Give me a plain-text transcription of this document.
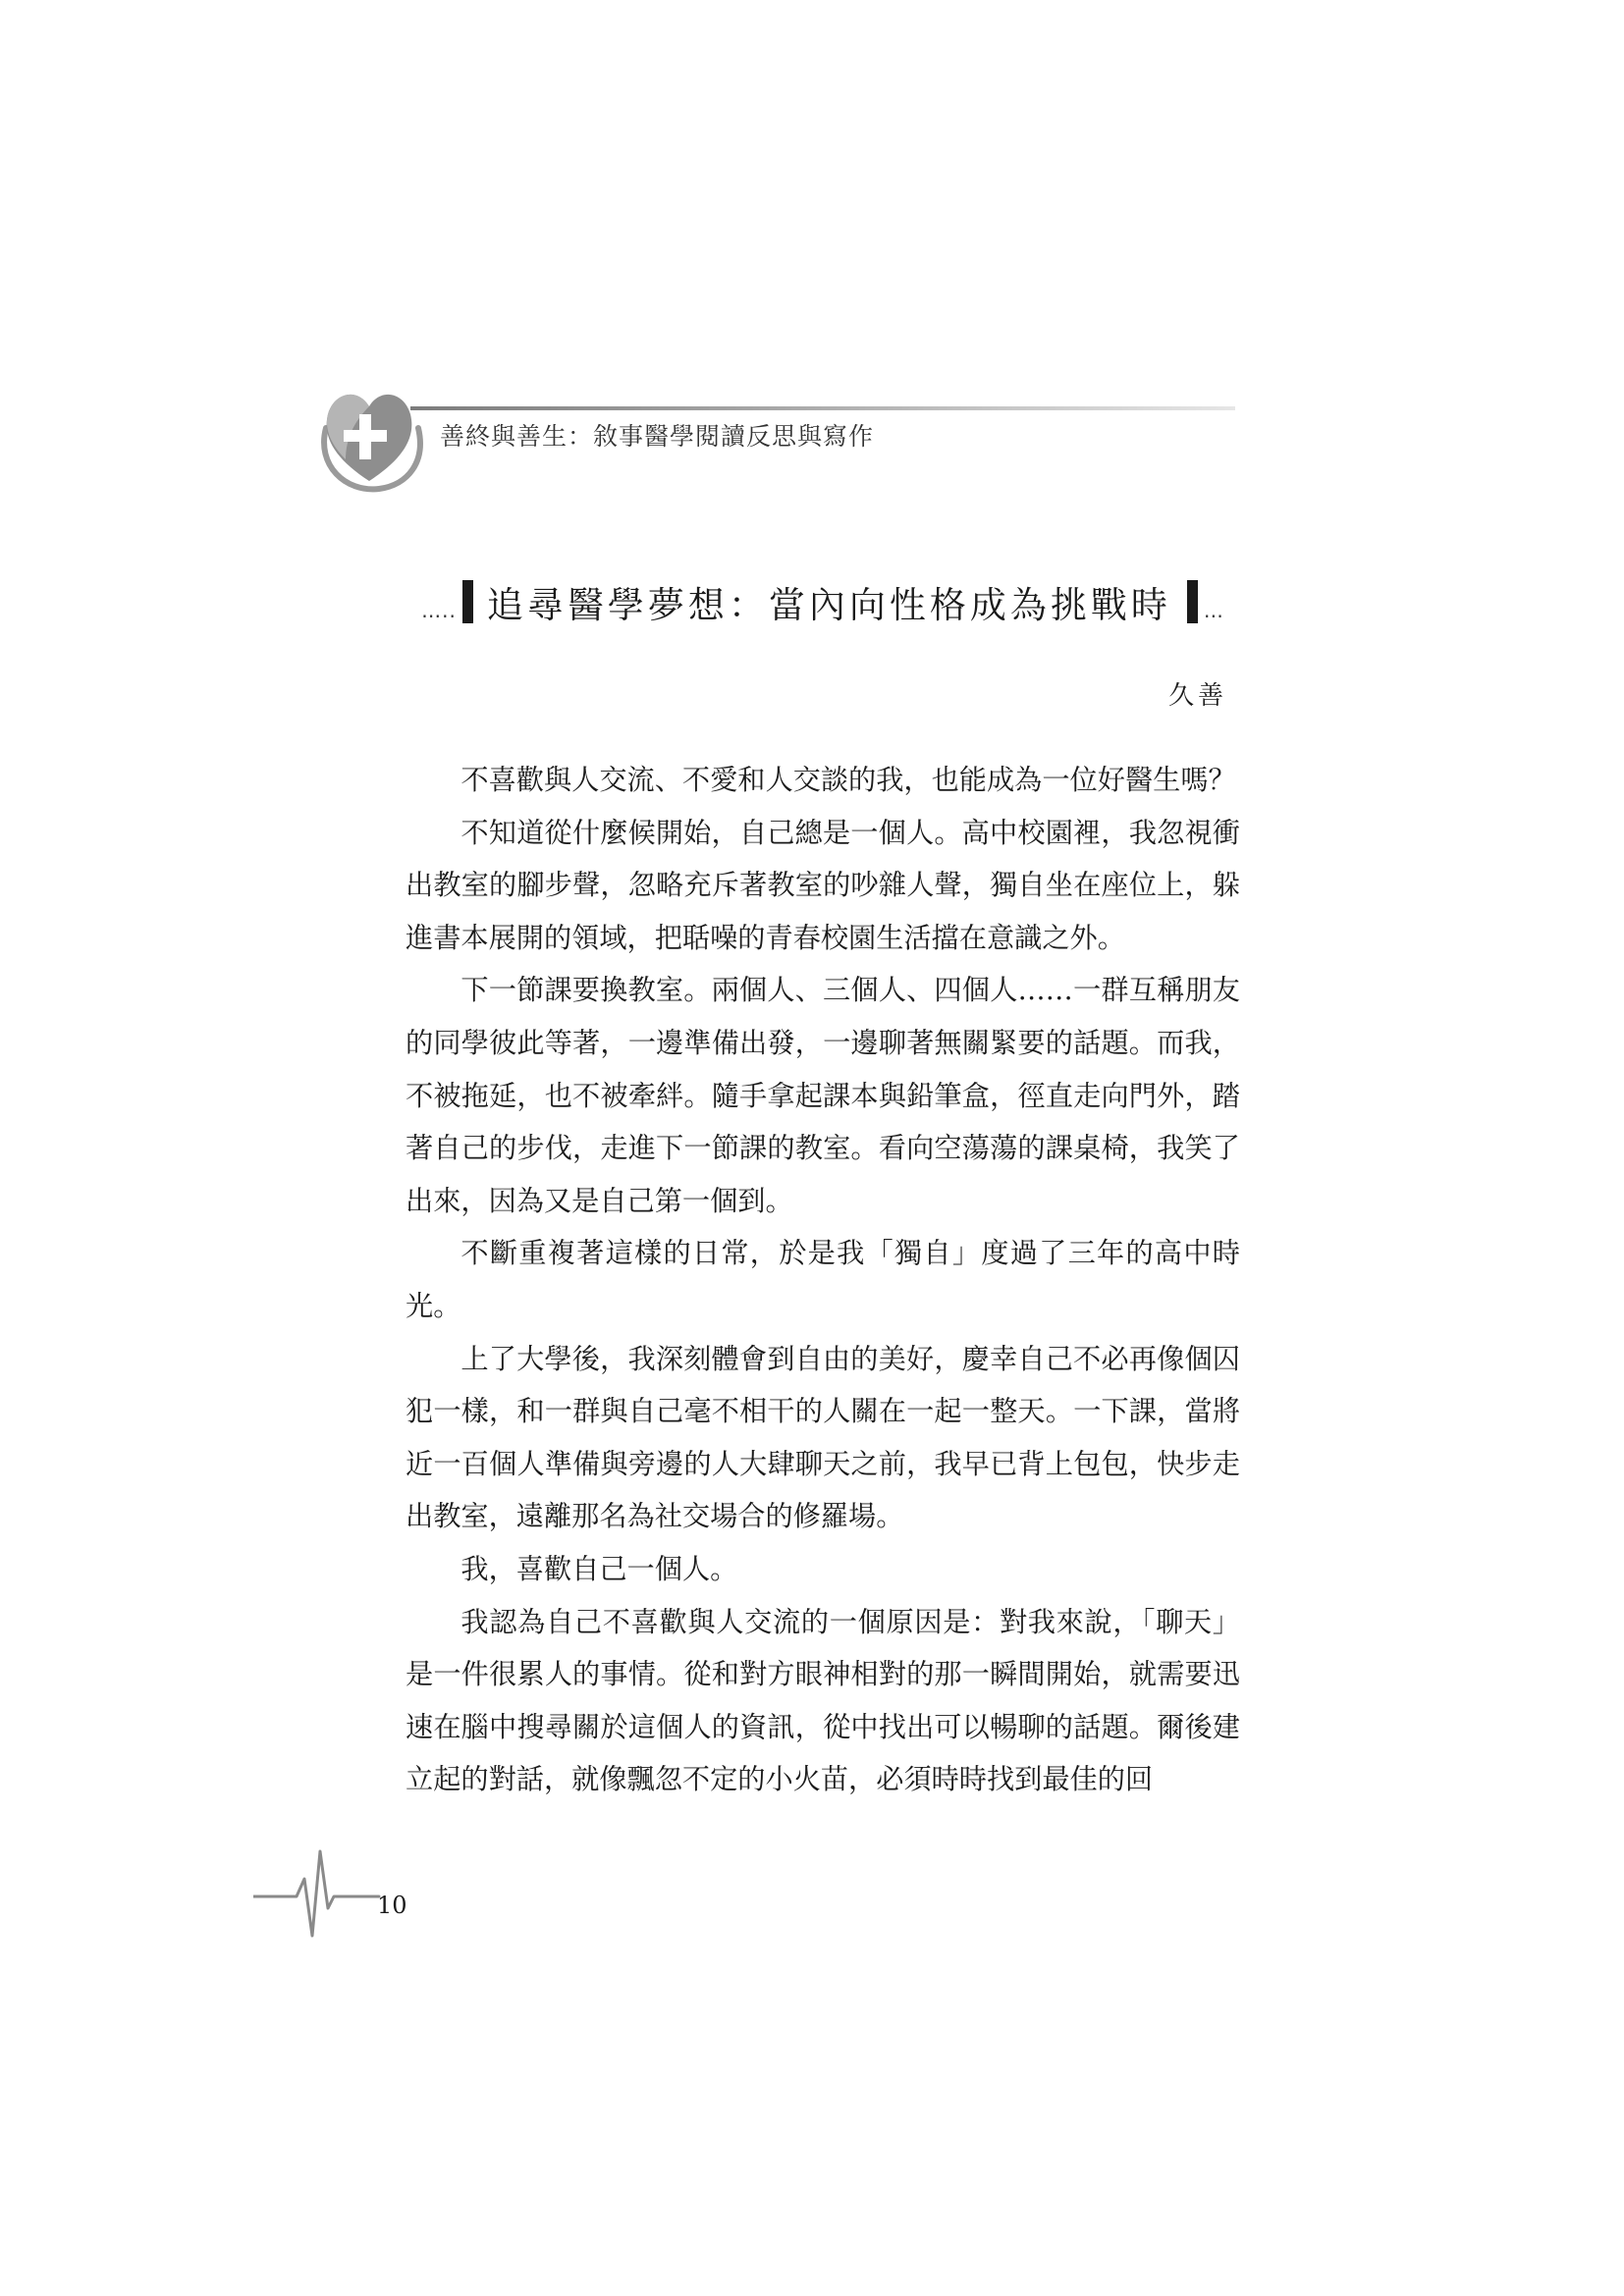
善終與善生：敘事醫學閱讀反思與寫作
….. 追尋醫學夢想：當內向性格成為挑戰時 …
久善

不喜歡與人交流、不愛和人交談的我，也能成為一位好醫生嗎？

不知道從什麼候開始，自己總是一個人。高中校園裡，我忽視衝出教室的腳步聲，忽略充斥著教室的吵雜人聲，獨自坐在座位上，躲進書本展開的領域，把聒噪的青春校園生活擋在意識之外。

下一節課要換教室。兩個人、三個人、四個人……一群互稱朋友的同學彼此等著，一邊準備出發，一邊聊著無關緊要的話題。而我，不被拖延，也不被牽絆。隨手拿起課本與鉛筆盒，徑直走向門外，踏著自己的步伐，走進下一節課的教室。看向空蕩蕩的課桌椅，我笑了出來，因為又是自己第一個到。

不斷重複著這樣的日常，於是我「獨自」度過了三年的高中時光。

上了大學後，我深刻體會到自由的美好，慶幸自己不必再像個囚犯一樣，和一群與自己毫不相干的人關在一起一整天。一下課，當將近一百個人準備與旁邊的人大肆聊天之前，我早已背上包包，快步走出教室，遠離那名為社交場合的修羅場。

我，喜歡自己一個人。

我認為自己不喜歡與人交流的一個原因是：對我來說，「聊天」是一件很累人的事情。從和對方眼神相對的那一瞬間開始，就需要迅速在腦中搜尋關於這個人的資訊，從中找出可以暢聊的話題。爾後建立起的對話，就像飄忽不定的小火苗，必須時時找到最佳的回

10
